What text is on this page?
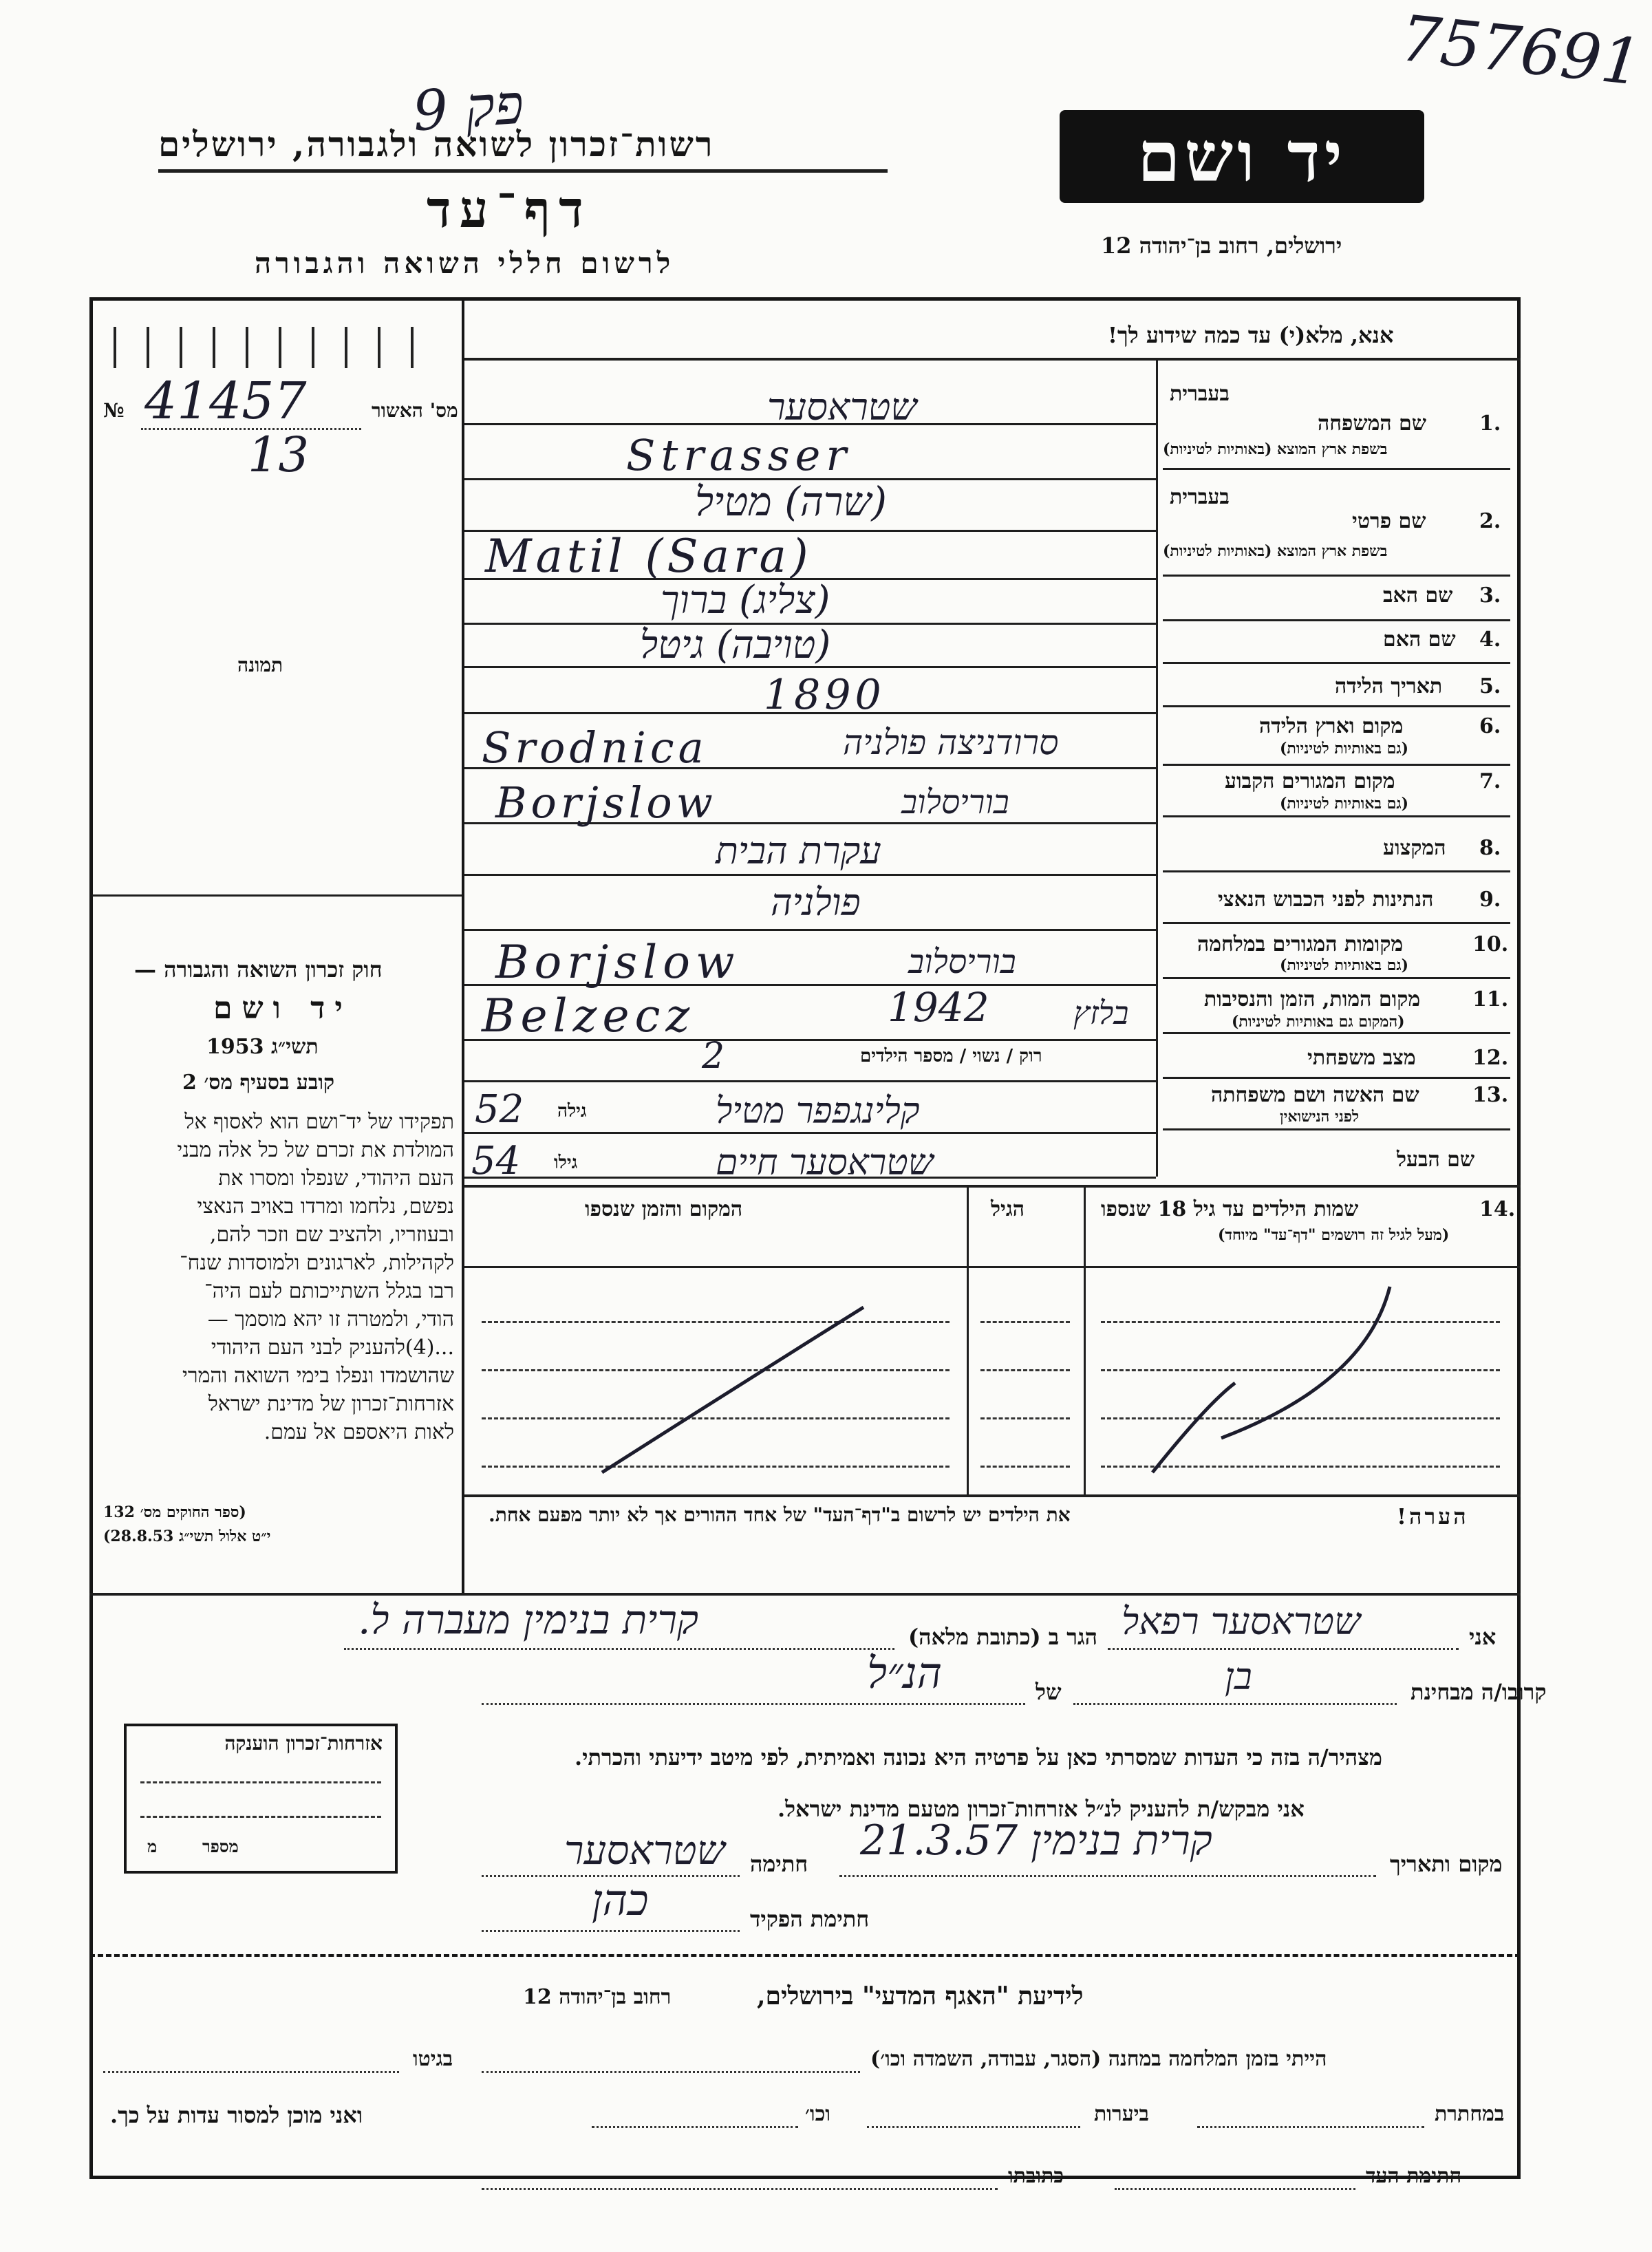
757691
פק 9
רשות־זכרון לשואה ולגבורה, ירושלים
דף־עד
לרשום חללי השואה והגבורה
יד ושם
ירושלים, רחוב בן־יהודה 12
מס' האשור
№ 41457
13
תמונה
חוק זכרון השואה והגבורה —
יד ושם
תשי״ג 1953
קובע בסעיף מס׳ 2
תפקידו של יד־ושם הוא לאסוף אל
המולדת את זכרם של כל אלה מבני
העם היהודי, שנפלו ומסרו את
נפשם, נלחמו ומרדו באויב הנאצי
ובעוזריו, ולהציב שם וזכר להם,
לקהילות, לארגונים ולמוסדות שנח־
רבו בגלל השתייכותם לעם היה־
הודי, ולמטרה זו יהא מוסמך —
...(4)להעניק לבני העם היהודי
שהושמדו ונפלו בימי השואה והמרי
אזרחות־זכרון של מדינת ישראל
לאות היאספם אל עמם.
(ספר החוקים מס׳ 132
י״ט אלול תשי״ג 28.8.53)
אזרחות־זכרון הוענקה
מספר
מ
אנא, מלא(י) עד כמה שידוע לך!
בעברית
1.
שם המשפחה
בשפת ארץ המוצא (באותיות לטיניות)
שטראסער
Strasser
בעברית
2.
שם פרטי
בשפת ארץ המוצא (באותיות לטיניות)
(שרה) מטיל
Matil (Sara)
3.
שם האב
(צליג) ברוך
4.
שם האם
(טויבה) גיטל
5.
תאריך הלידה
1890
6.
מקום וארץ הלידה
(גם באותיות לטיניות)
סרודניצה פולניה
Srodnica
7.
מקום המגורים הקבוע
(גם באותיות לטיניות)
בוריסלוב
Borjslow
8.
המקצוע
עקרת הבית
9.
הנתינות לפני הכבוש הנאצי
פולניה
10.
מקומות המגורים במלחמה
(גם באותיות לטיניות)
בוריסלוב
Borjslow
11.
מקום המות, הזמן והנסיבות
(המקום גם באותיות לטיניות)
בלזץ
1942
Belzecz
12.
מצב משפחתי
רוק / נשוי / מספר הילדים
2
13.
שם האשה ושם משפחתה
לפני הנישואין
גילה
52	קלינגפפר מטיל
שם הבעל
גילו
54	שטראסער חיים
14.
שמות הילדים עד גיל 18 שנספו
(מעל לגיל זה רושמים "דף־עד" מיוחד)
הגיל
המקום והזמן שנספו
הערה!
את הילדים יש לרשום ב"דף־העד" של אחד ההורים אך לא יותר מפעם אחת.
אני
שטראסער רפאל
הגר ב (כתובת מלאה)
קרית בנימין מעברה ל.
קרובו/ה מבחינת
בן
של
הנ״ל
מצהיר/ה בזה כי העדות שמסרתי כאן על פרטיה היא נכונה ואמיתית, לפי מיטב ידיעתי והכרתי.
אני מבקש/ת להעניק לנ״ל אזרחות־זכרון מטעם מדינת ישראל.
מקום ותאריך
קרית בנימין 21.3.57
חתימה
שטראסער
חתימת הפקיד
כהן
לידיעת "האגף המדעי" בירושלים,
רחוב בן־יהודה 12
הייתי בזמן המלחמה במחנה (הסגר, עבודה, השמדה וכו׳)
בגיטו
במחתרת
ביערות
וכו׳
ואני מוכן למסור עדות על כך.
חתימת העד
כתובתו
